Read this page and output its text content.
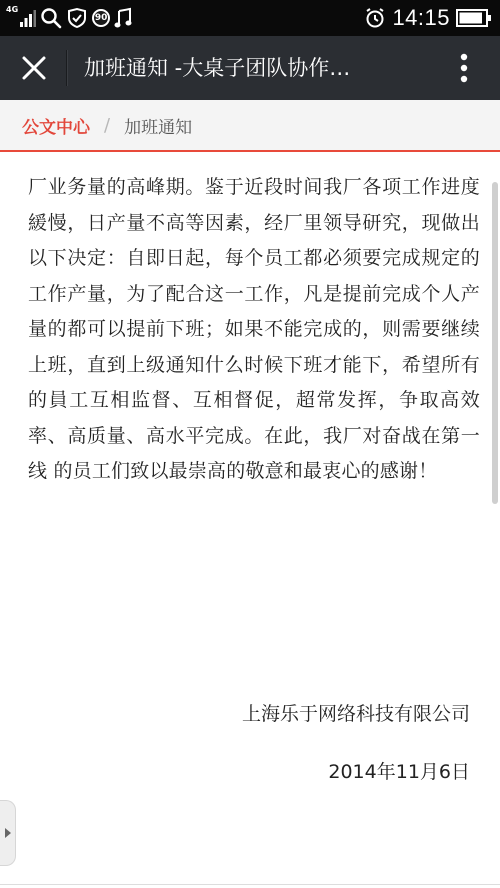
4G
90	14:15
加班通知 -大桌子团队协作…
公文中心 / 加班通知

厂业务量的高峰期。鉴于近段时间我厂各项工作进度緩慢，日产量不高等因素，经厂里领导研究，现做出以下决定：自即日起，每个员工都必须要完成规定的工作产量，为了配合这一工作，凡是提前完成个人产量的都可以提前下班；如果不能完成的，则需要继续上班，直到上级通知什么时候下班才能下，希望所有的員工互相监督、互相督促，超常发挥，争取高效率、高质量、高水平完成。在此，我厂对奋战在第一线 的员工们致以最崇高的敬意和最衷心的感谢！

上海乐于网络科技有限公司
2014年11月6日
